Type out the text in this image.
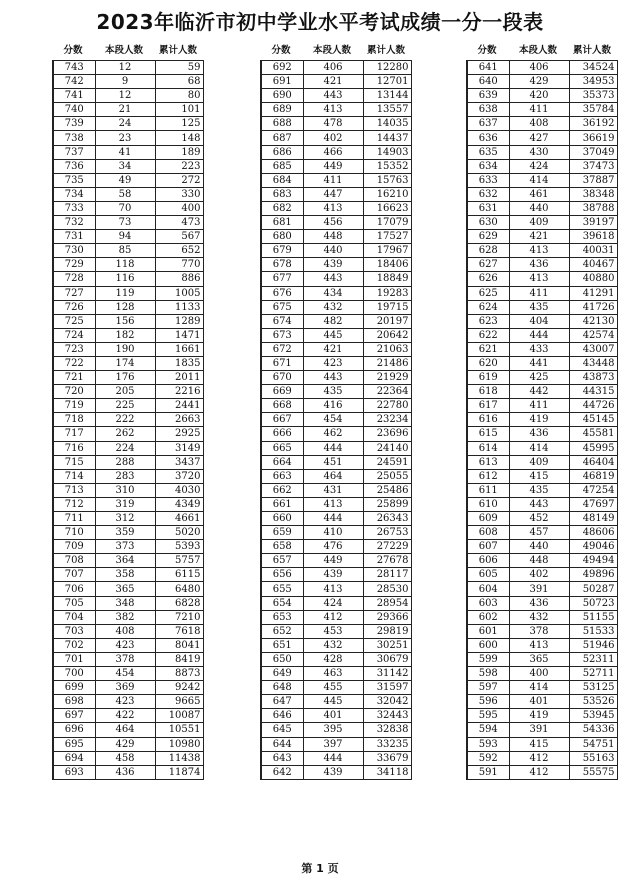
2023年临沂市初中学业水平考试成绩一分一段表
分数	本段人数	累计人数
743	12	59
742	9	68
741	12	80
740	21	101
739	24	125
738	23	148
737	41	189
736	34	223
735	49	272
734	58	330
733	70	400
732	73	473
731	94	567
730	85	652
729	118	770
728	116	886
727	119	1005
726	128	1133
725	156	1289
724	182	1471
723	190	1661
722	174	1835
721	176	2011
720	205	2216
719	225	2441
718	222	2663
717	262	2925
716	224	3149
715	288	3437
714	283	3720
713	310	4030
712	319	4349
711	312	4661
710	359	5020
709	373	5393
708	364	5757
707	358	6115
706	365	6480
705	348	6828
704	382	7210
703	408	7618
702	423	8041
701	378	8419
700	454	8873
699	369	9242
698	423	9665
697	422	10087
696	464	10551
695	429	10980
694	458	11438
693	436	11874
分数	本段人数	累计人数
692	406	12280
691	421	12701
690	443	13144
689	413	13557
688	478	14035
687	402	14437
686	466	14903
685	449	15352
684	411	15763
683	447	16210
682	413	16623
681	456	17079
680	448	17527
679	440	17967
678	439	18406
677	443	18849
676	434	19283
675	432	19715
674	482	20197
673	445	20642
672	421	21063
671	423	21486
670	443	21929
669	435	22364
668	416	22780
667	454	23234
666	462	23696
665	444	24140
664	451	24591
663	464	25055
662	431	25486
661	413	25899
660	444	26343
659	410	26753
658	476	27229
657	449	27678
656	439	28117
655	413	28530
654	424	28954
653	412	29366
652	453	29819
651	432	30251
650	428	30679
649	463	31142
648	455	31597
647	445	32042
646	401	32443
645	395	32838
644	397	33235
643	444	33679
642	439	34118
分数	本段人数	累计人数
641	406	34524
640	429	34953
639	420	35373
638	411	35784
637	408	36192
636	427	36619
635	430	37049
634	424	37473
633	414	37887
632	461	38348
631	440	38788
630	409	39197
629	421	39618
628	413	40031
627	436	40467
626	413	40880
625	411	41291
624	435	41726
623	404	42130
622	444	42574
621	433	43007
620	441	43448
619	425	43873
618	442	44315
617	411	44726
616	419	45145
615	436	45581
614	414	45995
613	409	46404
612	415	46819
611	435	47254
610	443	47697
609	452	48149
608	457	48606
607	440	49046
606	448	49494
605	402	49896
604	391	50287
603	436	50723
602	432	51155
601	378	51533
600	413	51946
599	365	52311
598	400	52711
597	414	53125
596	401	53526
595	419	53945
594	391	54336
593	415	54751
592	412	55163
591	412	55575
第 1 页
